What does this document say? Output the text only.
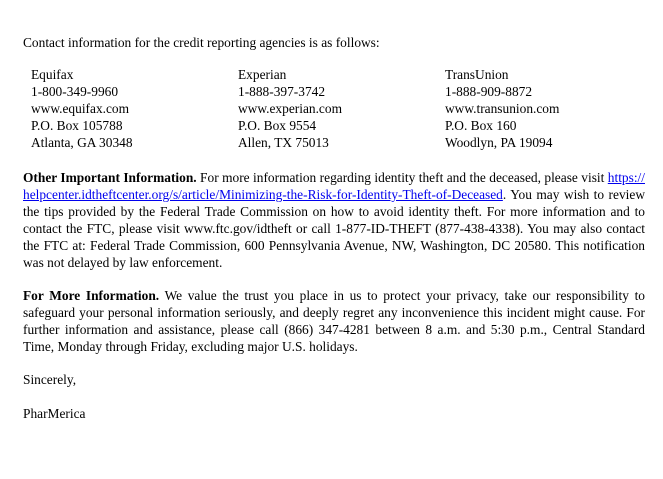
Contact information for the credit reporting agencies is as follows:
Equifax
1-800-349-9960
www.equifax.com
P.O. Box 105788
Atlanta, GA 30348
Experian
1-888-397-3742
www.experian.com
P.O. Box 9554
Allen, TX 75013
TransUnion
1-888-909-8872
www.transunion.com
P.O. Box 160
Woodlyn, PA 19094
Other Important Information. For more information regarding identity theft and the deceased, please visit https://helpcenter.idtheftcenter.org/s/article/Minimizing-the-Risk-for-Identity-Theft-of-Deceased. You may wish to review the tips provided by the Federal Trade Commission on how to avoid identity theft. For more information and to contact the FTC, please visit www.ftc.gov/idtheft or call 1-877-ID-THEFT (877-438-4338). You may also contact the FTC at: Federal Trade Commission, 600 Pennsylvania Avenue, NW, Washington, DC 20580. This notification was not delayed by law enforcement.
For More Information. We value the trust you place in us to protect your privacy, take our responsibility to safeguard your personal information seriously, and deeply regret any inconvenience this incident might cause. For further information and assistance, please call (866) 347-4281 between 8 a.m. and 5:30 p.m., Central Standard Time, Monday through Friday, excluding major U.S. holidays.
Sincerely,
PharMerica
